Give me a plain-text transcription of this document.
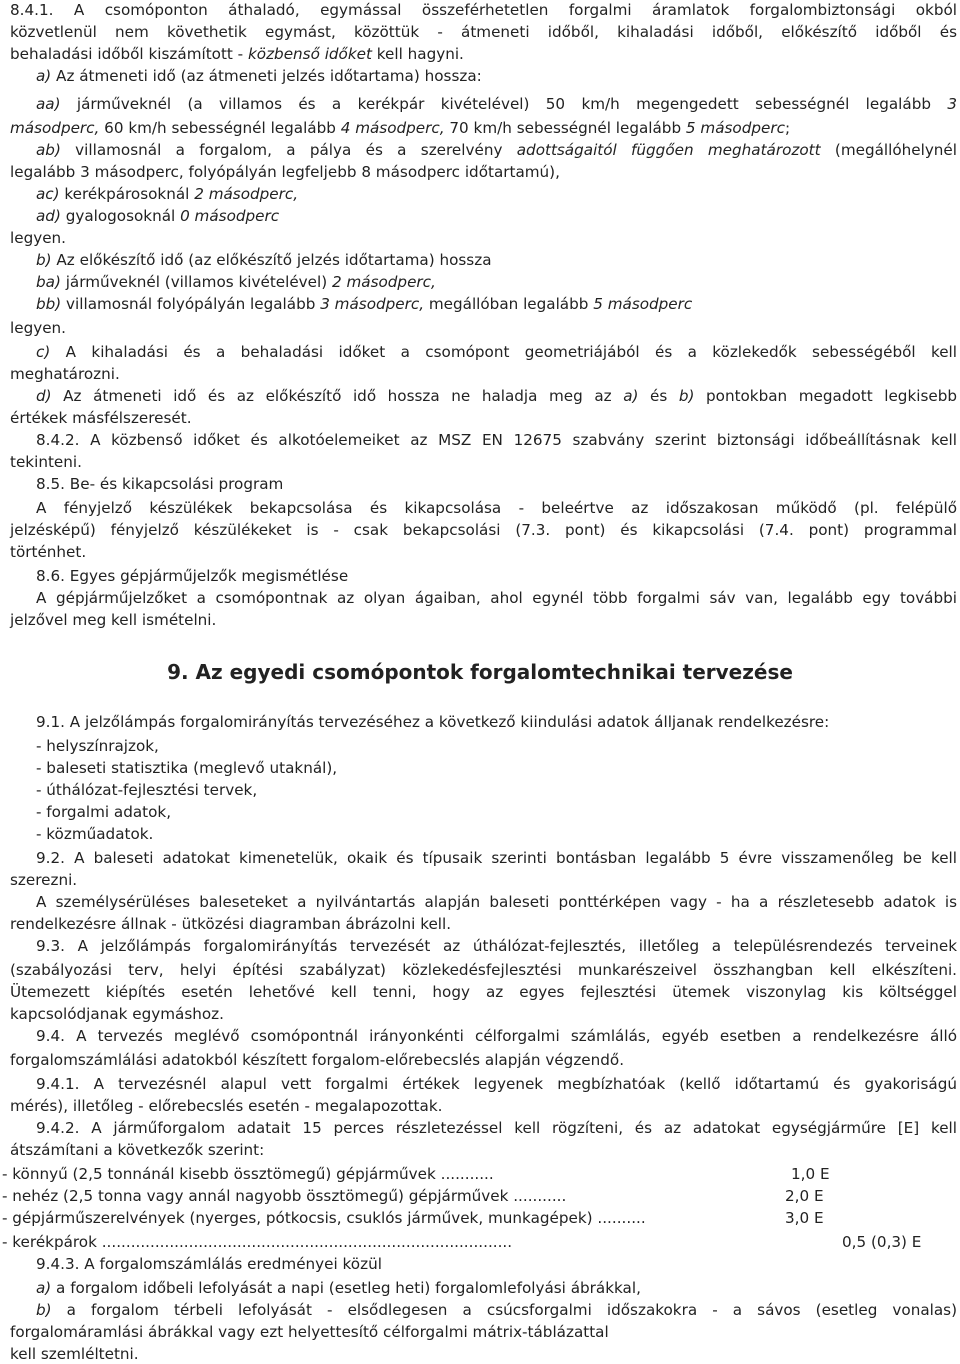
8.4.1. A csomóponton áthaladó, egymással összeférhetetlen forgalmi áramlatok forgalombiztonsági okból

közvetlenül nem követhetik egymást, közöttük - átmeneti időből, kihaladási időből, előkészítő időből és

behaladási időből kiszámított - közbenső időket kell hagyni.

a) Az átmeneti idő (az átmeneti jelzés időtartama) hossza:

aa) járműveknél (a villamos és a kerékpár kivételével) 50 km/h megengedett sebességnél legalább 3

másodperc, 60 km/h sebességnél legalább 4 másodperc, 70 km/h sebességnél legalább 5 másodperc;

ab) villamosnál a forgalom, a pálya és a szerelvény adottságaitól függően meghatározott (megállóhelynél

legalább 3 másodperc, folyópályán legfeljebb 8 másodperc időtartamú),

ac) kerékpárosoknál 2 másodperc,

ad) gyalogosoknál 0 másodperc

legyen.

b) Az előkészítő idő (az előkészítő jelzés időtartama) hossza

ba) járműveknél (villamos kivételével) 2 másodperc,

bb) villamosnál folyópályán legalább 3 másodperc, megállóban legalább 5 másodperc

legyen.

c) A kihaladási és a behaladási időket a csomópont geometriájából és a közlekedők sebességéből kell

meghatározni.

d) Az átmeneti idő és az előkészítő idő hossza ne haladja meg az a) és b) pontokban megadott legkisebb

értékek másfélszeresét.

8.4.2. A közbenső időket és alkotóelemeiket az MSZ EN 12675 szabvány szerint biztonsági időbeállításnak kell

tekinteni.

8.5. Be- és kikapcsolási program

A fényjelző készülékek bekapcsolása és kikapcsolása - beleértve az időszakosan működő (pl. felépülő

jelzésképű) fényjelző készülékeket is - csak bekapcsolási (7.3. pont) és kikapcsolási (7.4. pont) programmal

történhet.

8.6. Egyes gépjárműjelzők megismétlése

A gépjárműjelzőket a csomópontnak az olyan ágaiban, ahol egynél több forgalmi sáv van, legalább egy további

jelzővel meg kell ismételni.

9.1. A jelzőlámpás forgalomirányítás tervezéséhez a következő kiindulási adatok álljanak rendelkezésre:

- helyszínrajzok,

- baleseti statisztika (meglevő utaknál),

- úthálózat-fejlesztési tervek,

- forgalmi adatok,

- közműadatok.

9.2. A baleseti adatokat kimenetelük, okaik és típusaik szerinti bontásban legalább 5 évre visszamenőleg be kell

szerezni.

A személysérüléses baleseteket a nyilvántartás alapján baleseti ponttérképen vagy - ha a részletesebb adatok is

rendelkezésre állnak - ütközési diagramban ábrázolni kell.

9.3. A jelzőlámpás forgalomirányítás tervezését az úthálózat-fejlesztés, illetőleg a településrendezés terveinek

(szabályozási terv, helyi építési szabályzat) közlekedésfejlesztési munkarészeivel összhangban kell elkészíteni.

Ütemezett kiépítés esetén lehetővé kell tenni, hogy az egyes fejlesztési ütemek viszonylag kis költséggel

kapcsolódjanak egymáshoz.

9.4. A tervezés meglévő csomópontnál irányonkénti célforgalmi számlálás, egyéb esetben a rendelkezésre álló

forgalomszámlálási adatokból készített forgalom-előrebecslés alapján végzendő.

9.4.1. A tervezésnél alapul vett forgalmi értékek legyenek megbízhatóak (kellő időtartamú és gyakoriságú

mérés), illetőleg - előrebecslés esetén - megalapozottak.

9.4.2. A járműforgalom adatait 15 perces részletezéssel kell rögzíteni, és az adatokat egységjárműre [E] kell

átszámítani a következők szerint:

9.4.3. A forgalomszámlálás eredményei közül

a) a forgalom időbeli lefolyását a napi (esetleg heti) forgalomlefolyási ábrákkal,

b) a forgalom térbeli lefolyását - elsődlegesen a csúcsforgalmi időszakokra - a sávos (esetleg vonalas)

forgalomáramlási ábrákkal vagy ezt helyettesítő célforgalmi mátrix-táblázattal

kell szemléltetni.

9. Az egyedi csomópontok forgalomtechnikai tervezése
- könnyű (2,5 tonnánál kisebb össztömegű) gépjárművek ...........	1,0 E
- nehéz (2,5 tonna vagy annál nagyobb össztömegű) gépjárművek ...........	2,0 E
- gépjárműszerelvények (nyerges, pótkocsis, csuklós járművek, munkagépek) ..........	3,0 E
- kerékpárok .....................................................................................	0,5 (0,3) E
